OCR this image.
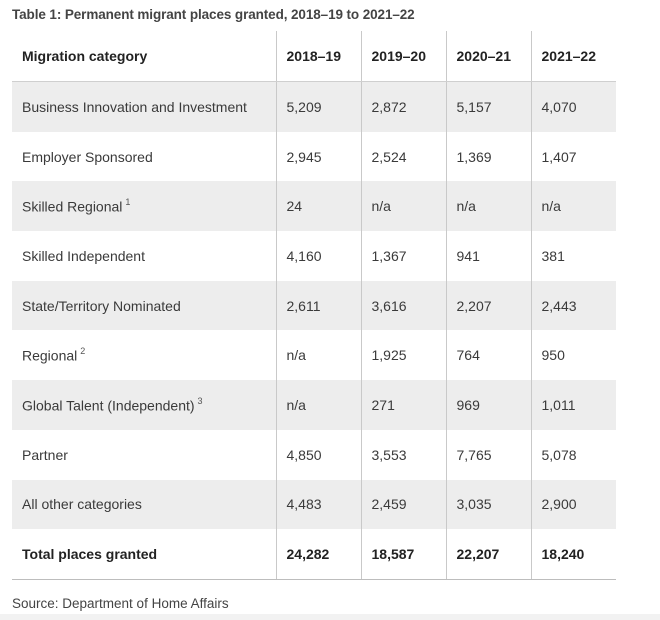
Table 1: Permanent migrant places granted, 2018–19 to 2021–22
Migration category	2018–19	2019–20	2020–21	2021–22
Business Innovation and Investment	5,209	2,872	5,157	4,070
Employer Sponsored	2,945	2,524	1,369	1,407
Skilled Regional $^1$	24	n/a	n/a	n/a
Skilled Independent	4,160	1,367	941	381
State/Territory Nominated	2,611	3,616	2,207	2,443
Regional $^2$	n/a	1,925	764	950
Global Talent (Independent) $^3$	n/a	271	969	1,011
Partner	4,850	3,553	7,765	5,078
All other categories	4,483	2,459	3,035	2,900
Total places granted	24,282	18,587	22,207	18,240
Source: Department of Home Affairs
